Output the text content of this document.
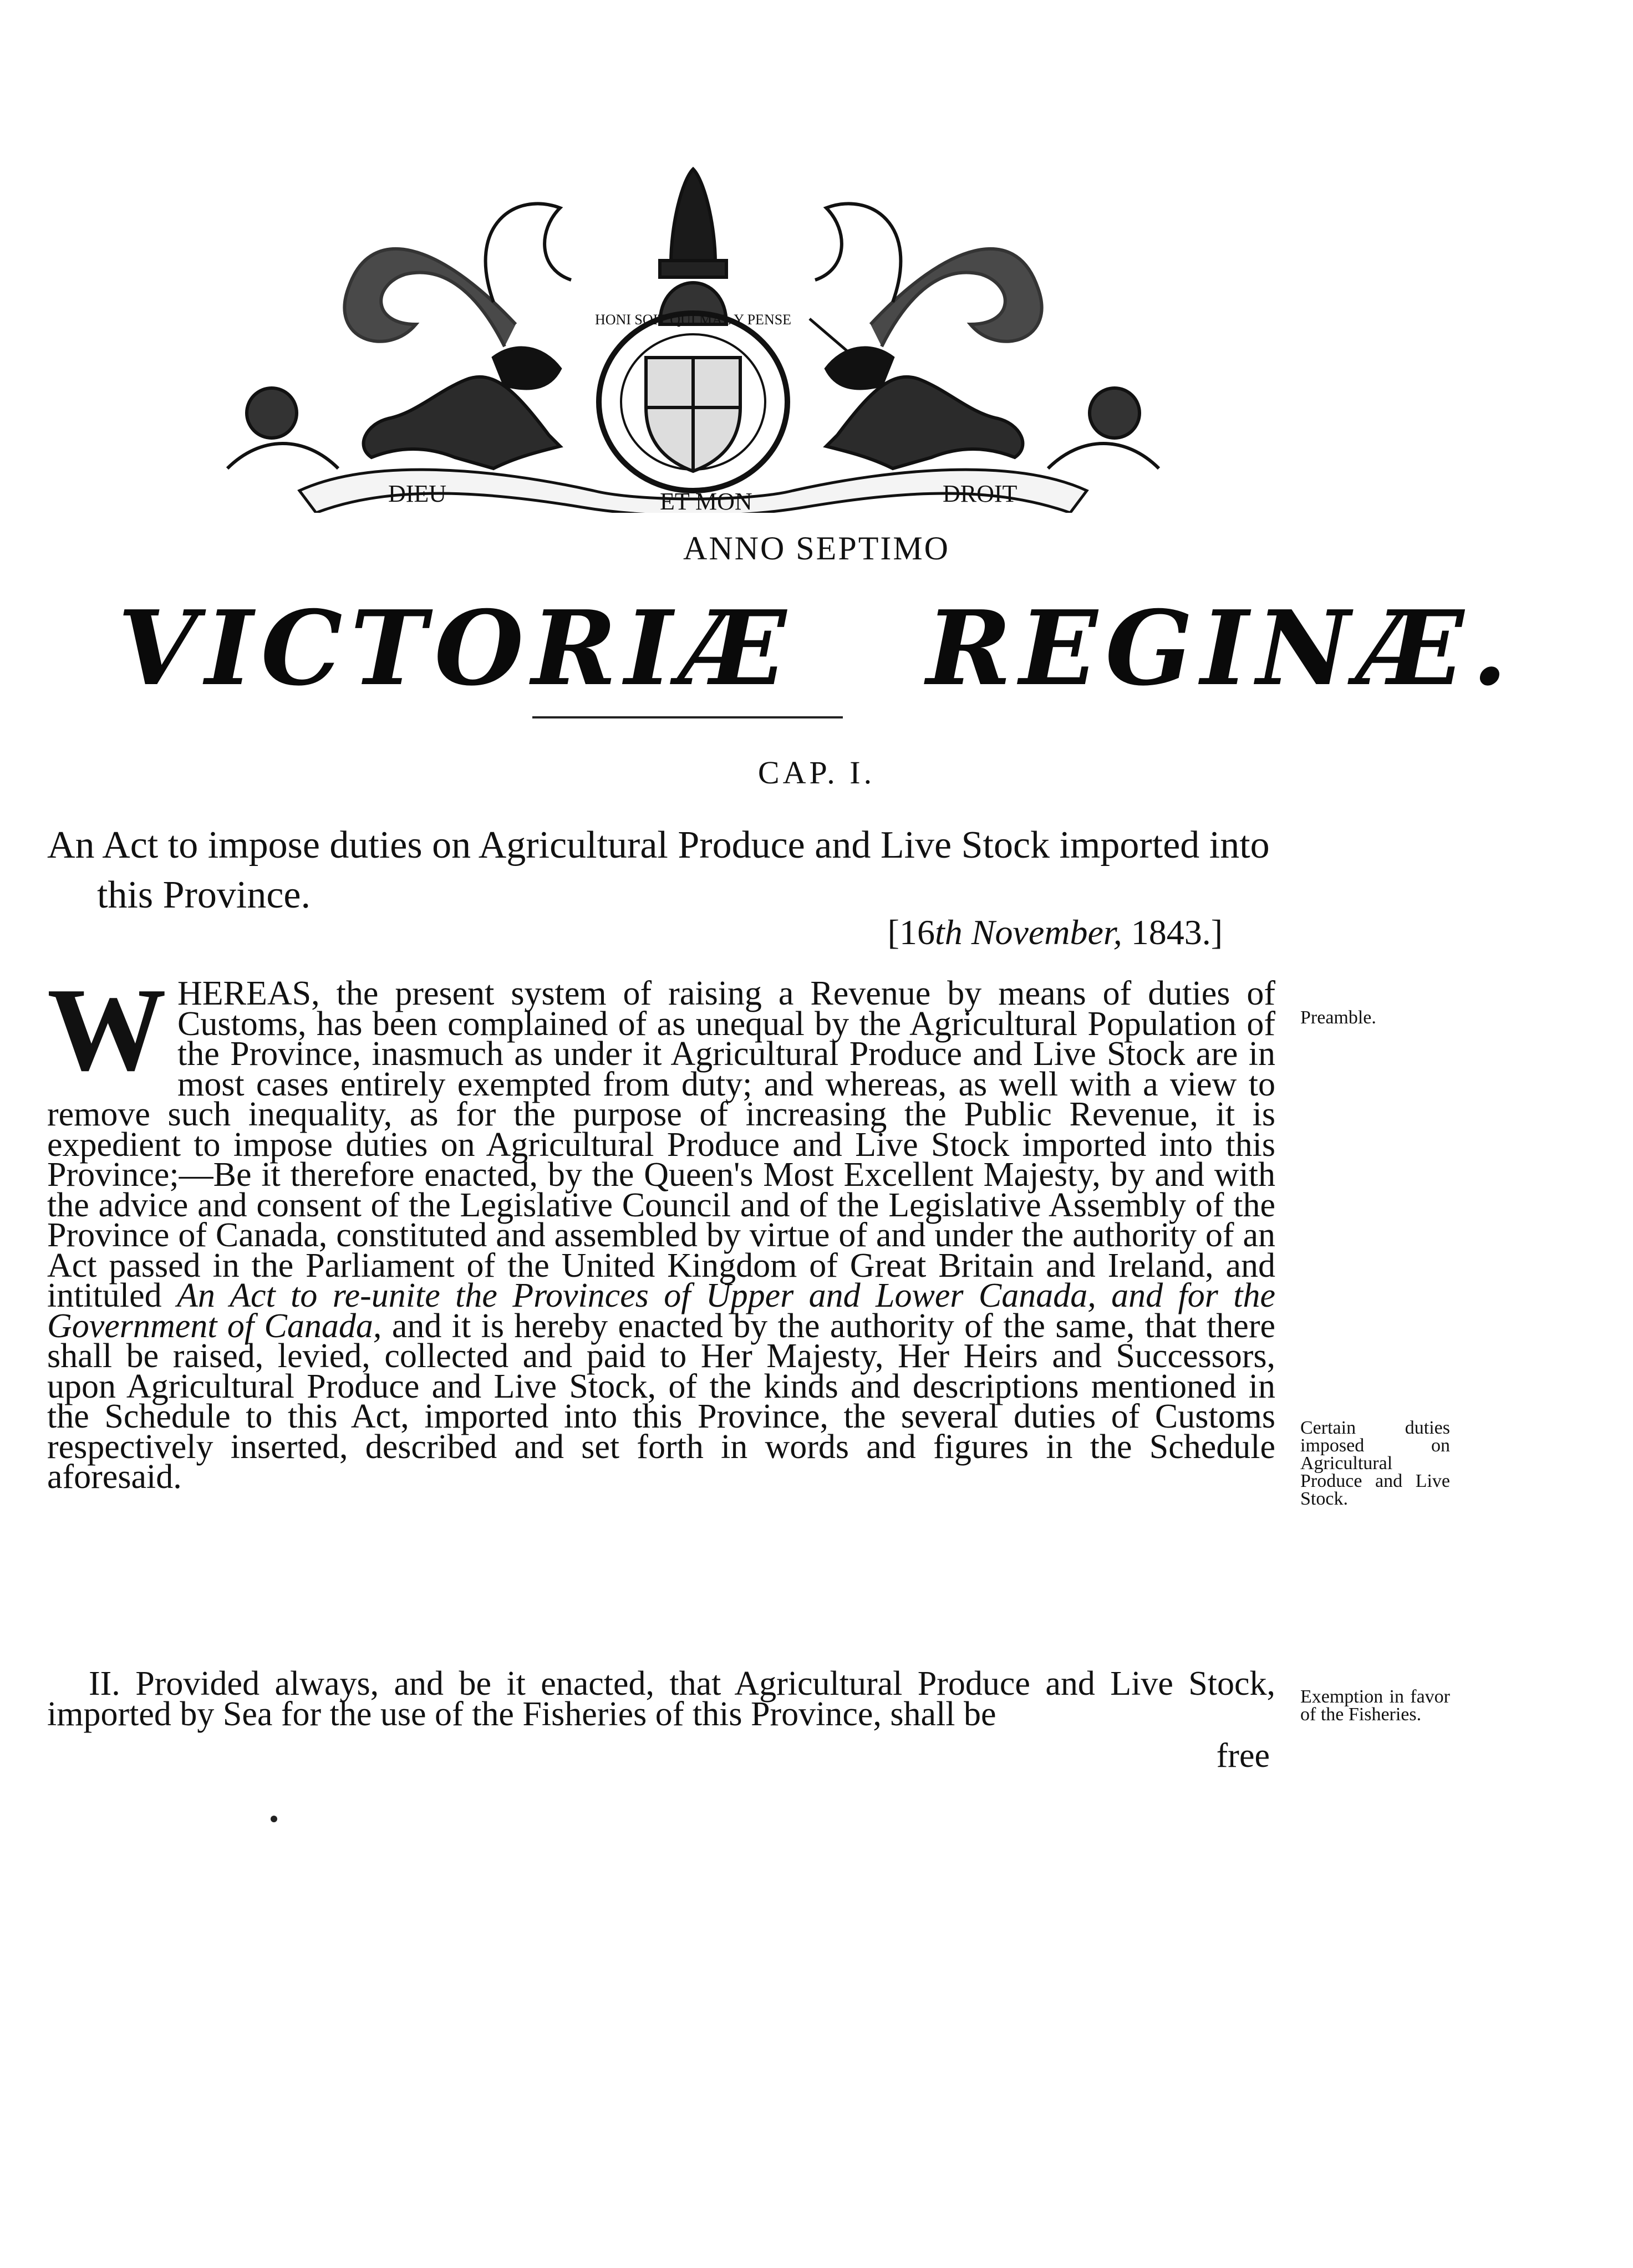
DIEU	ET MON	DROIT
HONI SOIT QUI MAL Y PENSE
ANNO SEPTIMO
VICTORIÆ REGINÆ.
CAP. I.

An Act to impose duties on Agricultural Produce and Live Stock imported into this Province.

[16th November, 1843.]

WHEREAS, the present system of raising a Revenue by means of duties of Customs, has been complained of as unequal by the Agricultural Population of the Province, inasmuch as under it Agricultural Produce and Live Stock are in most cases entirely exempted from duty; and whereas, as well with a view to remove such inequality, as for the purpose of increasing the Public Revenue, it is expedient to impose duties on Agricultural Produce and Live Stock imported into this Province;—Be it therefore enacted, by the Queen's Most Excellent Majesty, by and with the advice and consent of the Legislative Council and of the Legislative Assembly of the Province of Canada, constituted and assembled by virtue of and under the authority of an Act passed in the Parliament of the United Kingdom of Great Britain and Ireland, and intituled An Act to re-unite the Provinces of Upper and Lower Canada, and for the Government of Canada, and it is hereby enacted by the authority of the same, that there shall be raised, levied, collected and paid to Her Majesty, Her Heirs and Successors, upon Agricultural Produce and Live Stock, of the kinds and descriptions mentioned in the Schedule to this Act, imported into this Province, the several duties of Customs respectively inserted, described and set forth in words and figures in the Schedule aforesaid.

II. Provided always, and be it enacted, that Agricultural Produce and Live Stock, imported by Sea for the use of the Fisheries of this Province, shall be

free
Preamble.
Certain duties imposed on Agricultural Produce and Live Stock.
Exemption in favor of the Fisheries.
